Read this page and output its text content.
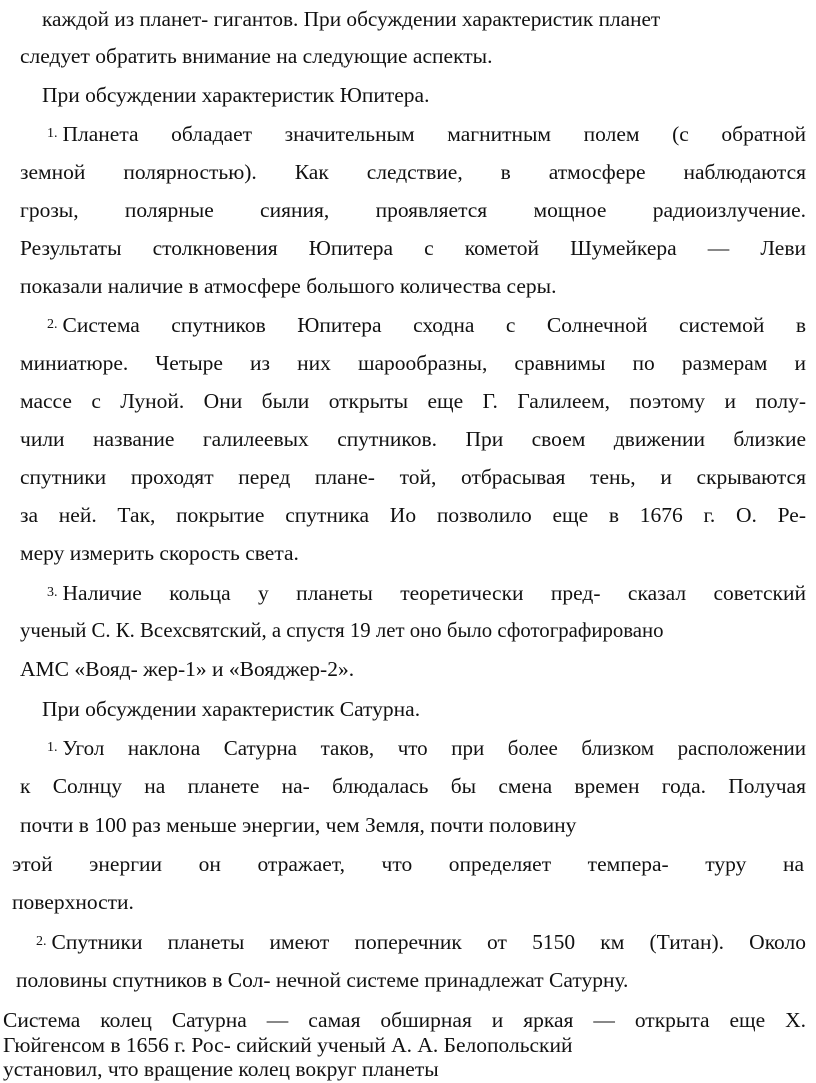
каждой из планет- гигантов. При обсуждении характеристик планет
следует обратить внимание на следующие аспекты.
При обсуждении характеристик Юпитера.
1. Планета обладает значительным магнитным полем (с обратной
земной полярностью). Как следствие, в атмосфере наблюдаются
грозы, полярные сияния, проявляется мощное радиоизлучение.
Результаты столкновения Юпитера с кометой Шумейкера — Леви
показали наличие в атмосфере большого количества серы.
2. Система спутников Юпитера сходна с Солнечной системой в
миниатюре. Четыре из них шарообразны, сравнимы по размерам и
массе с Луной. Они были открыты еще Г. Галилеем, поэтому и полу-
чили название галилеевых спутников. При своем движении близкие
спутники проходят перед плане- той, отбрасывая тень, и скрываются
за ней. Так, покрытие спутника Ио позволило еще в 1676 г. О. Ре-
меру измерить скорость света.
3. Наличие кольца у планеты теоретически пред- сказал советский
ученый С. К. Всехсвятский, а спустя 19 лет оно было сфотографировано
АМС «Вояд- жер-1» и «Вояджер-2».
При обсуждении характеристик Сатурна.
1. Угол наклона Сатурна таков, что при более близком расположении
к Солнцу на планете на- блюдалась бы смена времен года. Получая
почти в 100 раз меньше энергии, чем Земля, почти половину
этой энергии он отражает, что определяет темпера- туру на
поверхности.
2. Спутники планеты имеют поперечник от 5150 км (Титан). Около
половины спутников в Сол- нечной системе принадлежат Сатурну.
Система колец Сатурна — самая обширная и яркая — открыта еще Х.
Гюйгенсом в 1656 г. Рос- сийский ученый А. А. Белопольский
установил, что вращение колец вокруг планеты
